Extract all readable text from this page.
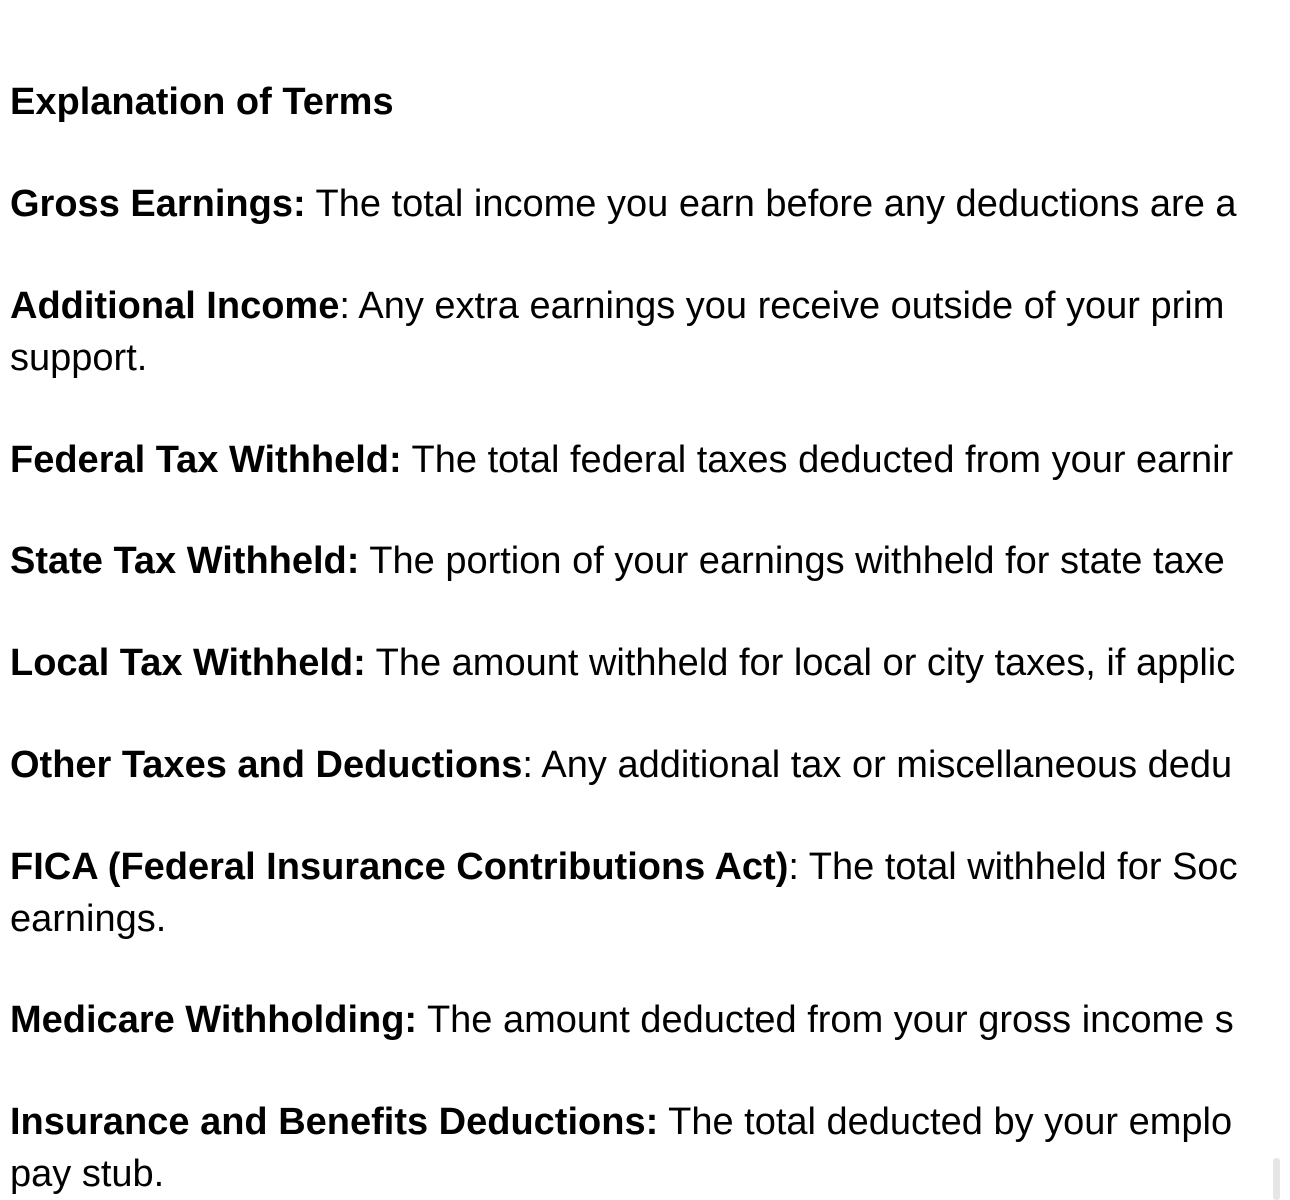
Explanation of Terms

Gross Earnings: The total income you earn before any deductions are a

Additional Income: Any extra earnings you receive outside of your prim
support.

Federal Tax Withheld: The total federal taxes deducted from your earnir

State Tax Withheld: The portion of your earnings withheld for state taxe

Local Tax Withheld: The amount withheld for local or city taxes, if applic

Other Taxes and Deductions: Any additional tax or miscellaneous dedu

FICA (Federal Insurance Contributions Act): The total withheld for Soc
earnings.

Medicare Withholding: The amount deducted from your gross income s

Insurance and Benefits Deductions: The total deducted by your emplo
pay stub.
